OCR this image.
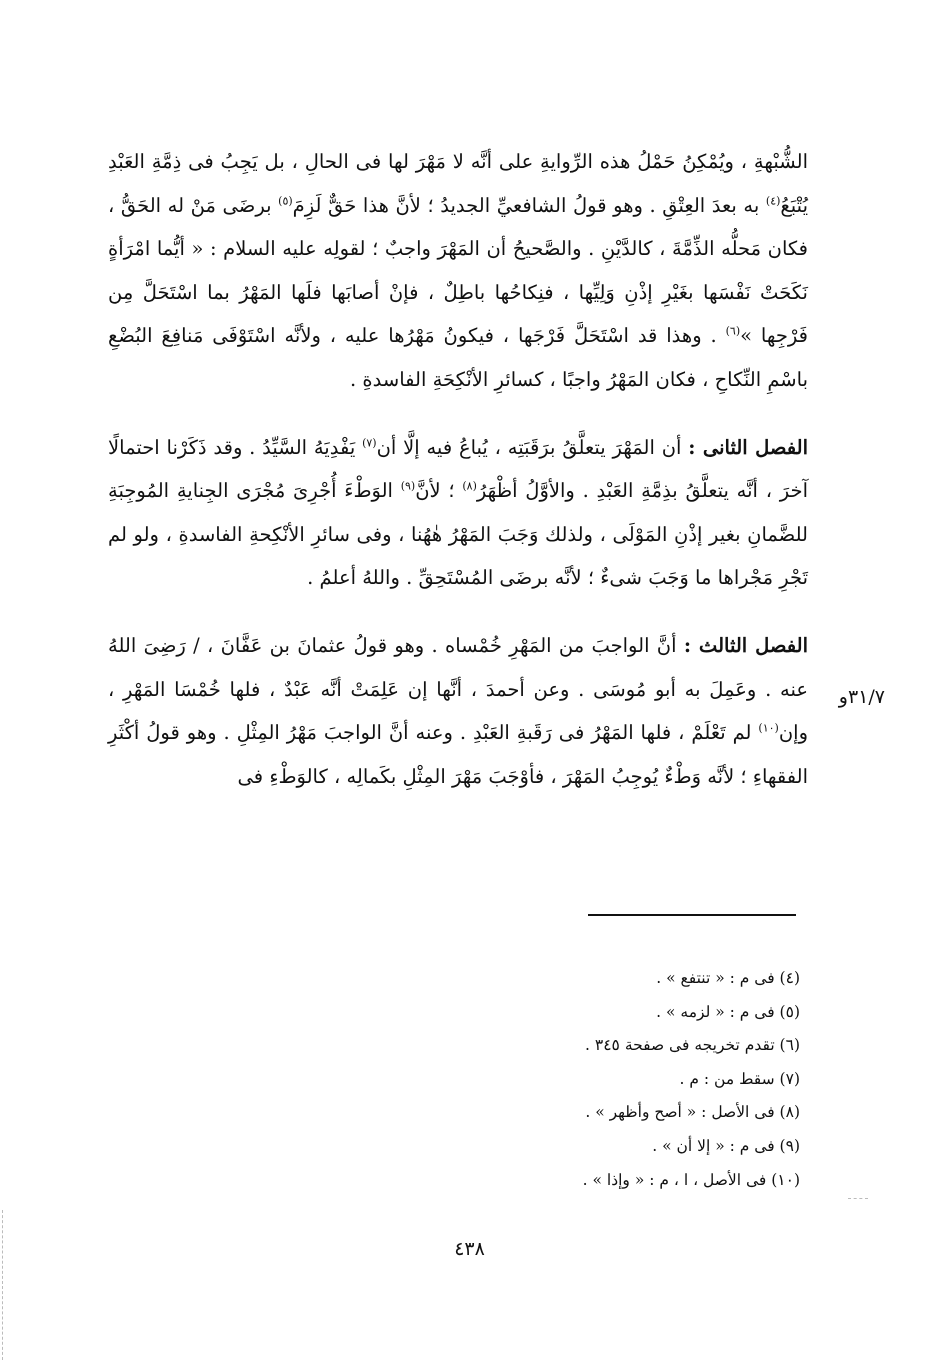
الشُّبْهةِ ، ويُمْكِنُ حَمْلُ هذه الرِّوايةِ على أنَّه لا مَهْرَ لها فى الحالِ ، بل يَجِبُ فى ذِمَّةِ العَبْدِ يُتْبَعُ$^{(٤)}$ به بعدَ العِتْقِ . وهو قولُ الشافعيِّ الجديدُ ؛ لأنَّ هذا حَقٌّ لَزِمَ$^{(٥)}$ برضَى مَنْ له الحَقُّ ، فكان مَحلُّه الذِّمَّةَ ، كالدَّيْنِ . والصَّحيحُ أن المَهْرَ واجبٌ ؛ لقولِه عليه السلام : « أيُّما امْرَأةٍ نَكَحَتْ نَفْسَها بغَيْرِ إذْنِ وَلِيِّها ، فنِكاحُها باطِلٌ ، فإنْ أصابَها فلَها المَهْرُ بما اسْتَحَلَّ مِن فَرْجِها »$^{(٦)}$ . وهذا قد اسْتَحَلَّ فَرْجَها ، فيكونُ مَهْرُها عليه ، ولأنَّه اسْتَوْفَى مَنافِعَ البُضْعِ باسْمِ النِّكاحِ ، فكان المَهْرُ واجبًا ، كسائرِ الأنْكِحَةِ الفاسدةِ .

الفصل الثانى : أن المَهْرَ يتعلَّقُ برَقَبَتِه ، يُباعُ فيه إلَّا أن$^{(٧)}$ يَفْدِيَهُ السَّيِّدُ . وقد ذَكَرْنا احتمالًا آخرَ ، أنَّه يتعلَّقُ بذِمَّةِ العَبْدِ . والأوَّلُ أظْهَرُ$^{(٨)}$ ؛ لأنَّ$^{(٩)}$ الوَطْءَ أُجْرِىَ مُجْرَى الجِنايةِ المُوجِبَةِ للضَّمانِ بغير إذْنِ المَوْلَى ، ولذلك وَجَبَ المَهْرُ هٰهُنا ، وفى سائرِ الأنْكِحةِ الفاسدةِ ، ولو لم تَجْرِ مَجْراها ما وَجَبَ شىءٌ ؛ لأنَّه برضَى المُسْتَحِقِّ . واللهُ أعلمُ .

الفصل الثالث : أنَّ الواجبَ من المَهْرِ خُمْساه . وهو قولُ عثمانَ بن عَفَّانَ ، / رَضِىَ اللهُ عنه . وعَمِلَ به أبو مُوسَى . وعن أحمدَ ، أنَّها إن عَلِمَتْ أنَّه عَبْدٌ ، فلها خُمْسَا المَهْرِ ، وإن$^{(١٠)}$ لم تَعْلَمْ ، فلها المَهْرُ فى رَقَبةِ العَبْدِ . وعنه أنَّ الواجبَ مَهْرُ المِثْلِ . وهو قولُ أكْثَرِ الفقهاءِ ؛ لأنَّه وَطْءٌ يُوجِبُ المَهْرَ ، فأوْجَبَ مَهْرَ المِثْلِ بكَمالِه ، كالوَطْءِ فى

٣١/٧و

(٤) فى م : « تنتفع » .

(٥) فى م : « لزمه » .

(٦) تقدم تخريجه فى صفحة ٣٤٥ .

(٧) سقط من : م .

(٨) فى الأصل : « أصح وأظهر » .

(٩) فى م : « إلا أن » .

(١٠) فى الأصل ، ا ، م : « وإذا » .

٤٣٨
